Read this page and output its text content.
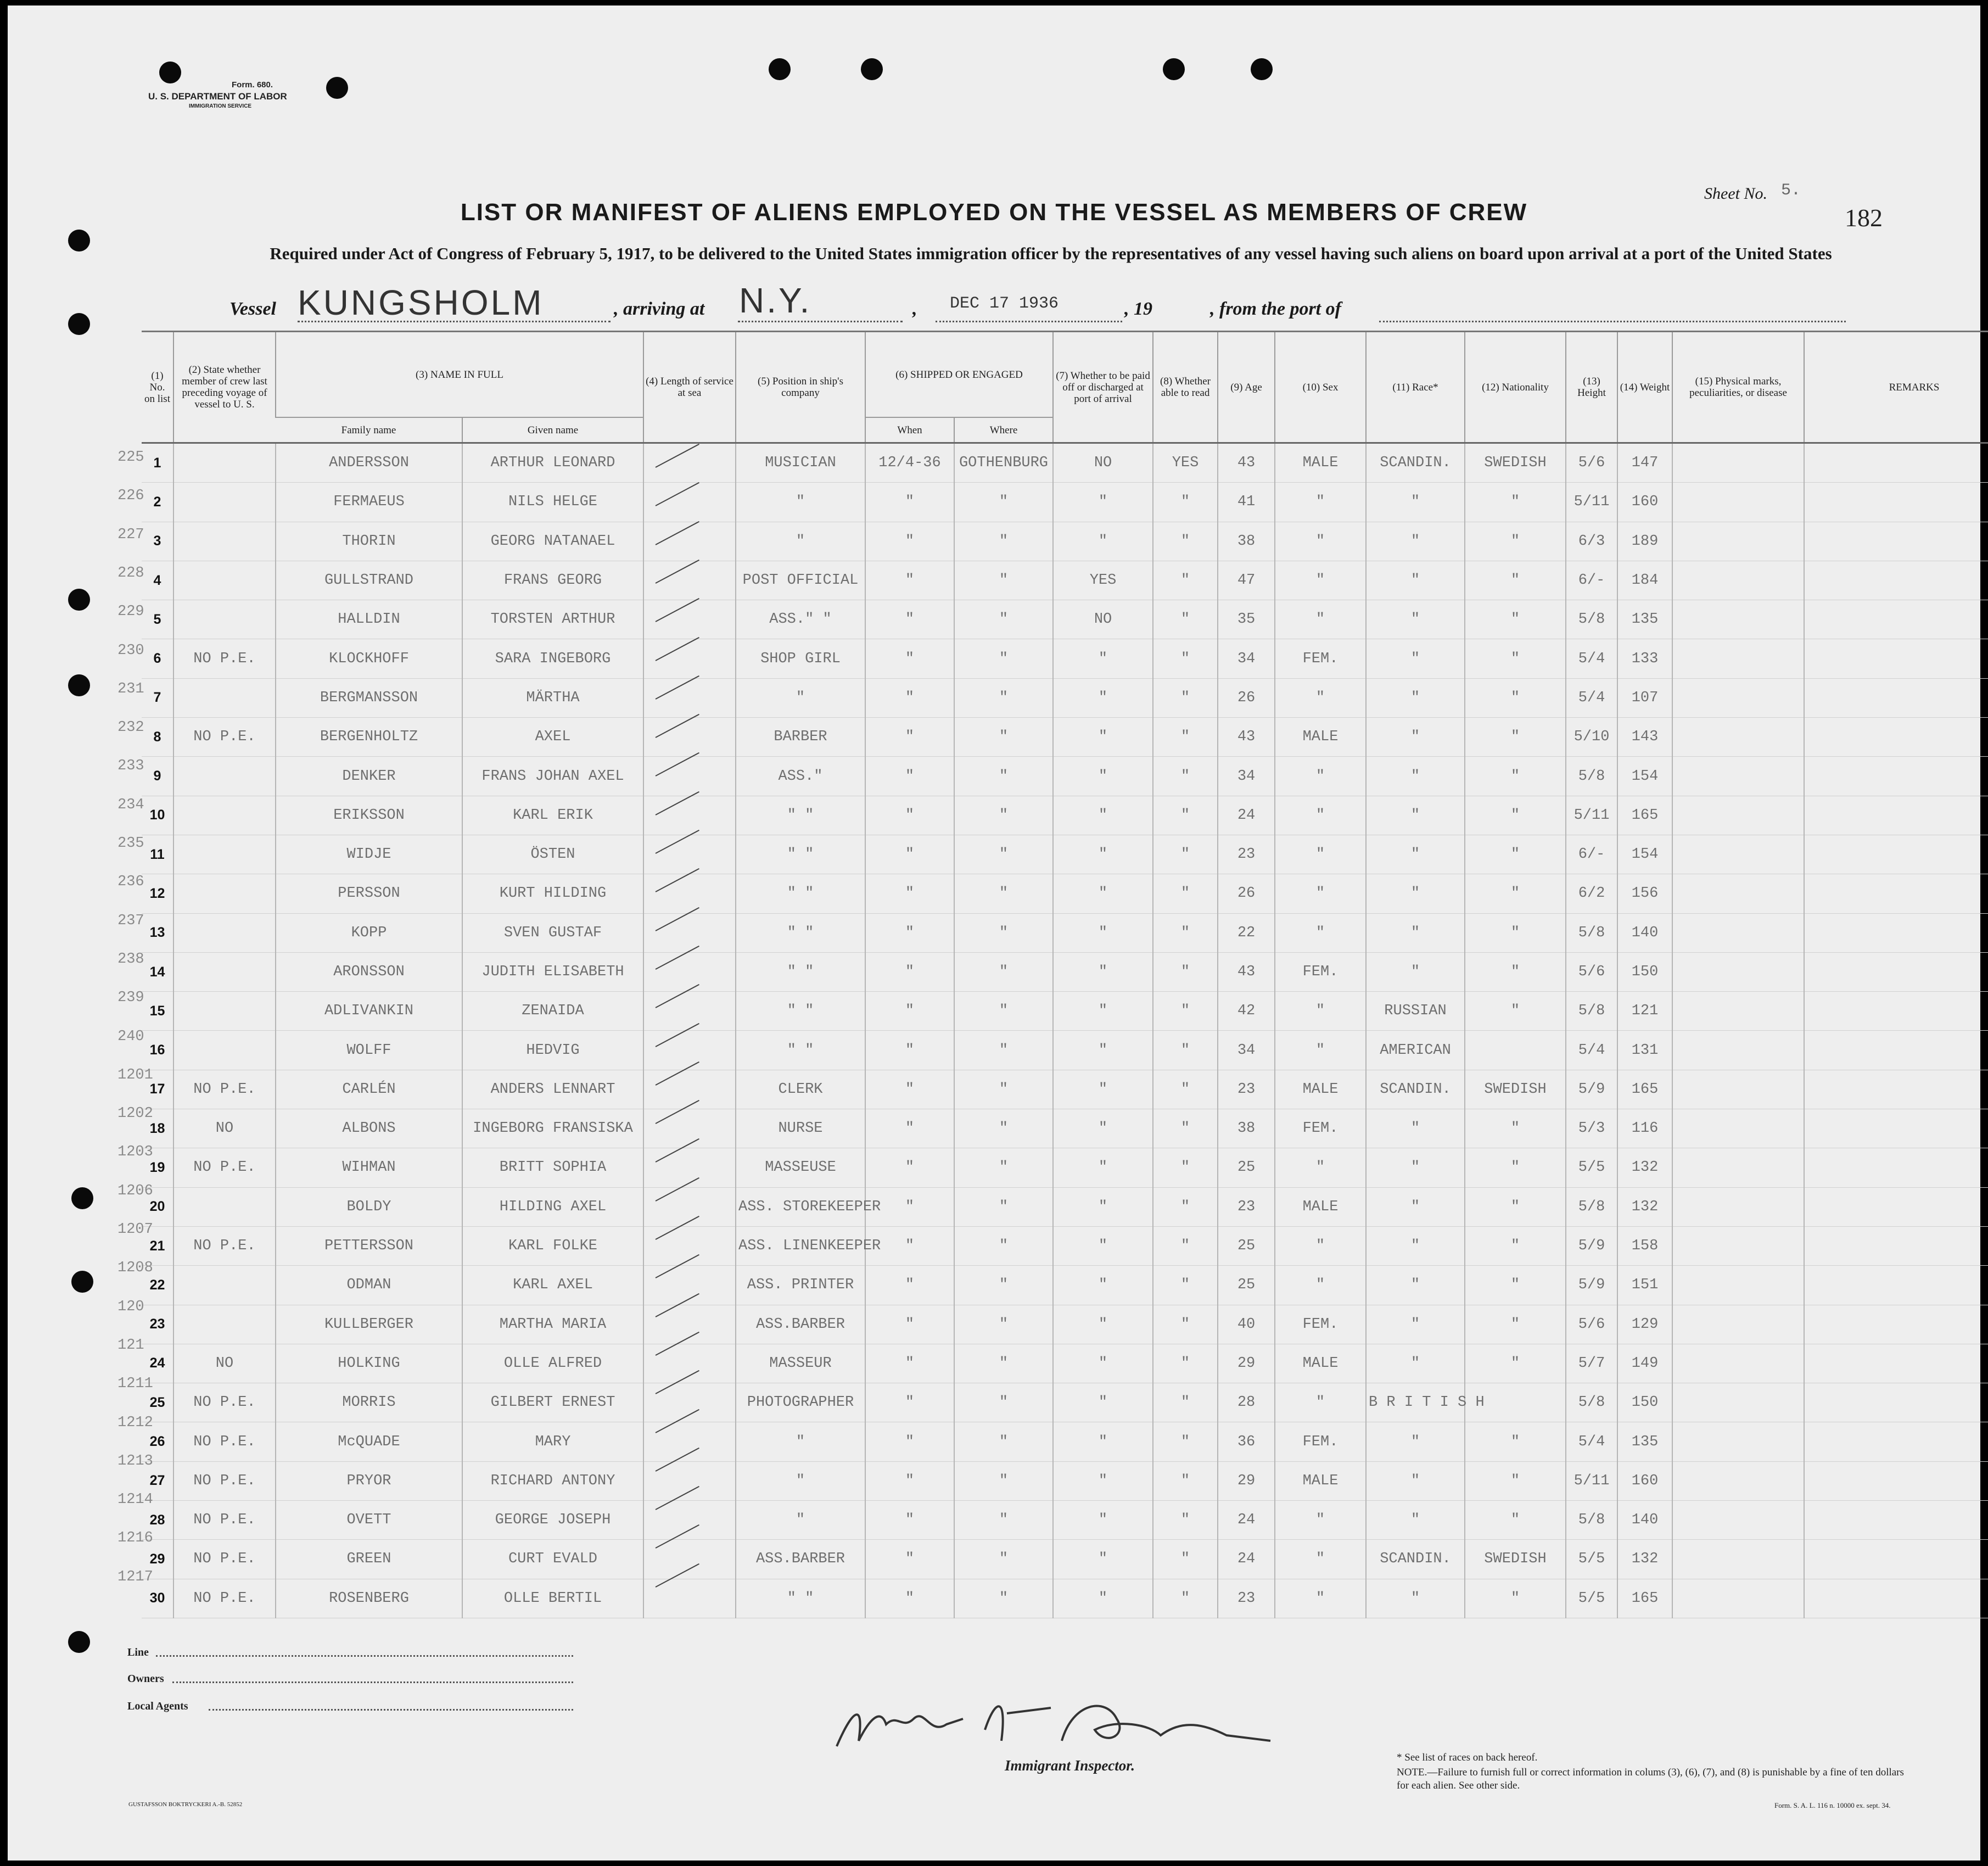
Form. 680.
U. S. DEPARTMENT OF LABOR
IMMIGRATION SERVICE
Sheet No. 5.
182
LIST OR MANIFEST OF ALIENS EMPLOYED ON THE VESSEL AS MEMBERS OF CREW
Required under Act of Congress of February 5, 1917, to be delivered to the United States immigration officer by the representatives of any vessel having such aliens on board upon arrival at a port of the United States
Vessel KUNGSHOLM	, arriving at N.Y.	, DEC 17 1936	, 19	, from the port of
(1) No. on list	(2) State whether member of crew last preceding voyage of vessel to U. S.	(3) NAME IN FULL		(4) Length of service at sea	(5) Position in ship's company	(6) SHIPPED OR ENGAGED		(7) Whether to be paid off or discharged at port of arrival	(8) Whether able to read	(9) Age	(10) Sex	(11) Race*	(12) Nationality	(13) Height	(14) Weight	(15) Physical marks, peculiarities, or disease	REMARKS
		Family name	Given name			When	Where										
1		ANDERSSON	ARTHUR LEONARD		MUSICIAN	12/4-36	GOTHENBURG	NO	YES	43	MALE	SCANDIN.	SWEDISH	5/6	147		
2		FERMAEUS	NILS HELGE		"	"	"	"	"	41	"	"	"	5/11	160		
3		THORIN	GEORG NATANAEL		"	"	"	"	"	38	"	"	"	6/3	189		
4		GULLSTRAND	FRANS GEORG		POST OFFICIAL	"	"	YES	"	47	"	"	"	6/-	184		
5		HALLDIN	TORSTEN ARTHUR		ASS." "	"	"	NO	"	35	"	"	"	5/8	135		
6	NO P.E.	KLOCKHOFF	SARA INGEBORG		SHOP GIRL	"	"	"	"	34	FEM.	"	"	5/4	133		
7		BERGMANSSON	MÄRTHA		"	"	"	"	"	26	"	"	"	5/4	107		
8	NO P.E.	BERGENHOLTZ	AXEL		BARBER	"	"	"	"	43	MALE	"	"	5/10	143		
9		DENKER	FRANS JOHAN AXEL		ASS."	"	"	"	"	34	"	"	"	5/8	154		
10		ERIKSSON	KARL ERIK		" "	"	"	"	"	24	"	"	"	5/11	165		
11		WIDJE	ÖSTEN		" "	"	"	"	"	23	"	"	"	6/-	154		
12		PERSSON	KURT HILDING		" "	"	"	"	"	26	"	"	"	6/2	156		
13		KOPP	SVEN GUSTAF		" "	"	"	"	"	22	"	"	"	5/8	140		
14		ARONSSON	JUDITH ELISABETH		" "	"	"	"	"	43	FEM.	"	"	5/6	150		
15		ADLIVANKIN	ZENAIDA		" "	"	"	"	"	42	"	RUSSIAN	"	5/8	121		
16		WOLFF	HEDVIG		" "	"	"	"	"	34	"	AMERICAN		5/4	131		
17	NO P.E.	CARLÉN	ANDERS LENNART		CLERK	"	"	"	"	23	MALE	SCANDIN.	SWEDISH	5/9	165		
18	NO	ALBONS	INGEBORG FRANSISKA		NURSE	"	"	"	"	38	FEM.	"	"	5/3	116		
19	NO P.E.	WIHMAN	BRITT SOPHIA		MASSEUSE	"	"	"	"	25	"	"	"	5/5	132		
20		BOLDY	HILDING AXEL		ASS. STOREKEEPER	"	"	"	"	23	MALE	"	"	5/8	132		
21	NO P.E.	PETTERSSON	KARL FOLKE		ASS. LINENKEEPER	"	"	"	"	25	"	"	"	5/9	158		
22		ODMAN	KARL AXEL		ASS. PRINTER	"	"	"	"	25	"	"	"	5/9	151		
23		KULLBERGER	MARTHA MARIA		ASS.BARBER	"	"	"	"	40	FEM.	"	"	5/6	129		
24	NO	HOLKING	OLLE ALFRED		MASSEUR	"	"	"	"	29	MALE	"	"	5/7	149		
25	NO P.E.	MORRIS	GILBERT ERNEST		PHOTOGRAPHER	"	"	"	"	28	"	B R I T I S H		5/8	150		
26	NO P.E.	McQUADE	MARY		"	"	"	"	"	36	FEM.	"	"	5/4	135		
27	NO P.E.	PRYOR	RICHARD ANTONY		"	"	"	"	"	29	MALE	"	"	5/11	160		
28	NO P.E.	OVETT	GEORGE JOSEPH		"	"	"	"	"	24	"	"	"	5/8	140		
29	NO P.E.	GREEN	CURT EVALD		ASS.BARBER	"	"	"	"	24	"	SCANDIN.	SWEDISH	5/5	132		
30	NO P.E.	ROSENBERG	OLLE BERTIL		" "	"	"	"	"	23	"	"	"	5/5	165		
Line
Owners
Local Agents
Immigrant Inspector.	* See list of races on back hereof.
NOTE.—Failure to furnish full or correct information in colums (3), (6), (7), and (8) is punishable by a fine of ten dollars for each alien. See other side.
Form. S. A. L. 116 n. 10000 ex. sept. 34.
GUSTAFSSON BOKTRYCKERI A.-B. 52852
225
226
227
228
229
230
231
232
233
234
235
236
237
238
239
240
1201
1202
1203
1206
1207
1208
120
121
1211
1212
1213
1214
1216
1217
